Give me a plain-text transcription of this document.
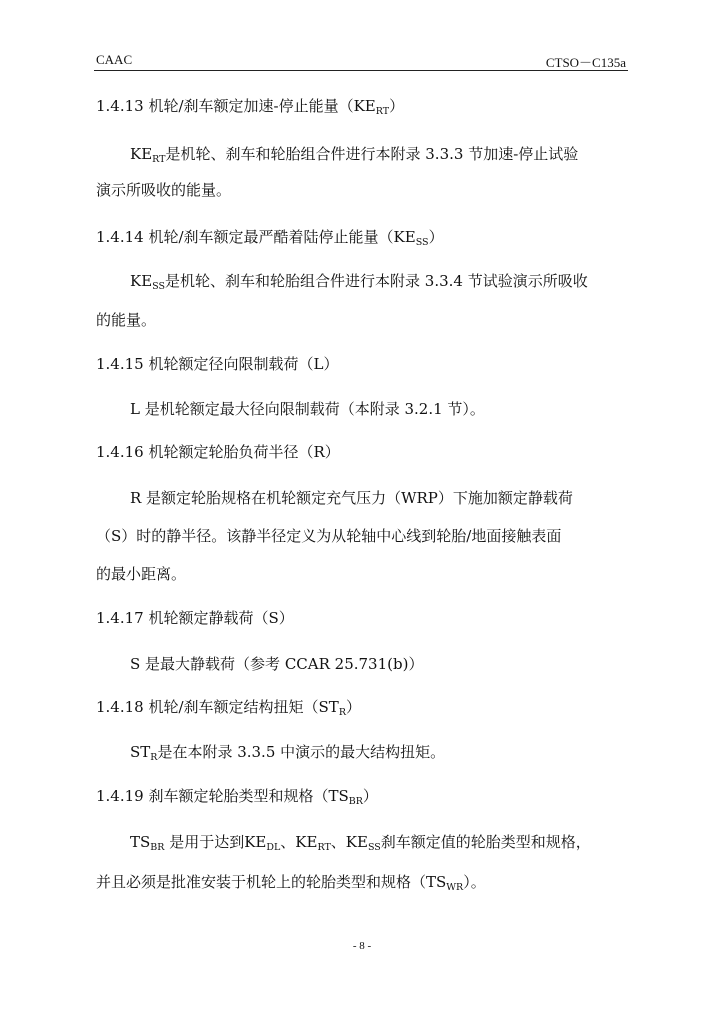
CAAC	CTSO－C135a
1.4.13 机轮/刹车额定加速-停止能量$(KE_{RT})$
$KE_{RT}$是机轮、刹车和轮胎组合件进行本附录 3.3.3 节加速-停止试验
演示所吸收的能量。
1.4.14 机轮/刹车额定最严酷着陆停止能量$(KE_{SS})$
$KE_{SS}$是机轮、刹车和轮胎组合件进行本附录 3.3.4 节试验演示所吸收
的能量。
1.4.15 机轮额定径向限制载荷（L）
L 是机轮额定最大径向限制载荷（本附录 3.2.1 节）。
1.4.16 机轮额定轮胎负荷半径（R）
R 是额定轮胎规格在机轮额定充气压力（WRP）下施加额定静载荷
（S）时的静半径。该静半径定义为从轮轴中心线到轮胎/地面接触表面
的最小距离。
1.4.17 机轮额定静载荷（S）
S 是最大静载荷（参考 CCAR 25.731(b)）
1.4.18 机轮/刹车额定结构扭矩$(ST_R)$
$ST_R$是在本附录 3.3.5 中演示的最大结构扭矩。
1.4.19 刹车额定轮胎类型和规格$(TS_{BR})$
$TS_{BR}$ 是用于达到$KE_{DL}$、$KE_{RT}$、$KE_{SS}$刹车额定值的轮胎类型和规格，
并且必须是批准安装于机轮上的轮胎类型和规格$(TS_{WR})$。
- 8 -
